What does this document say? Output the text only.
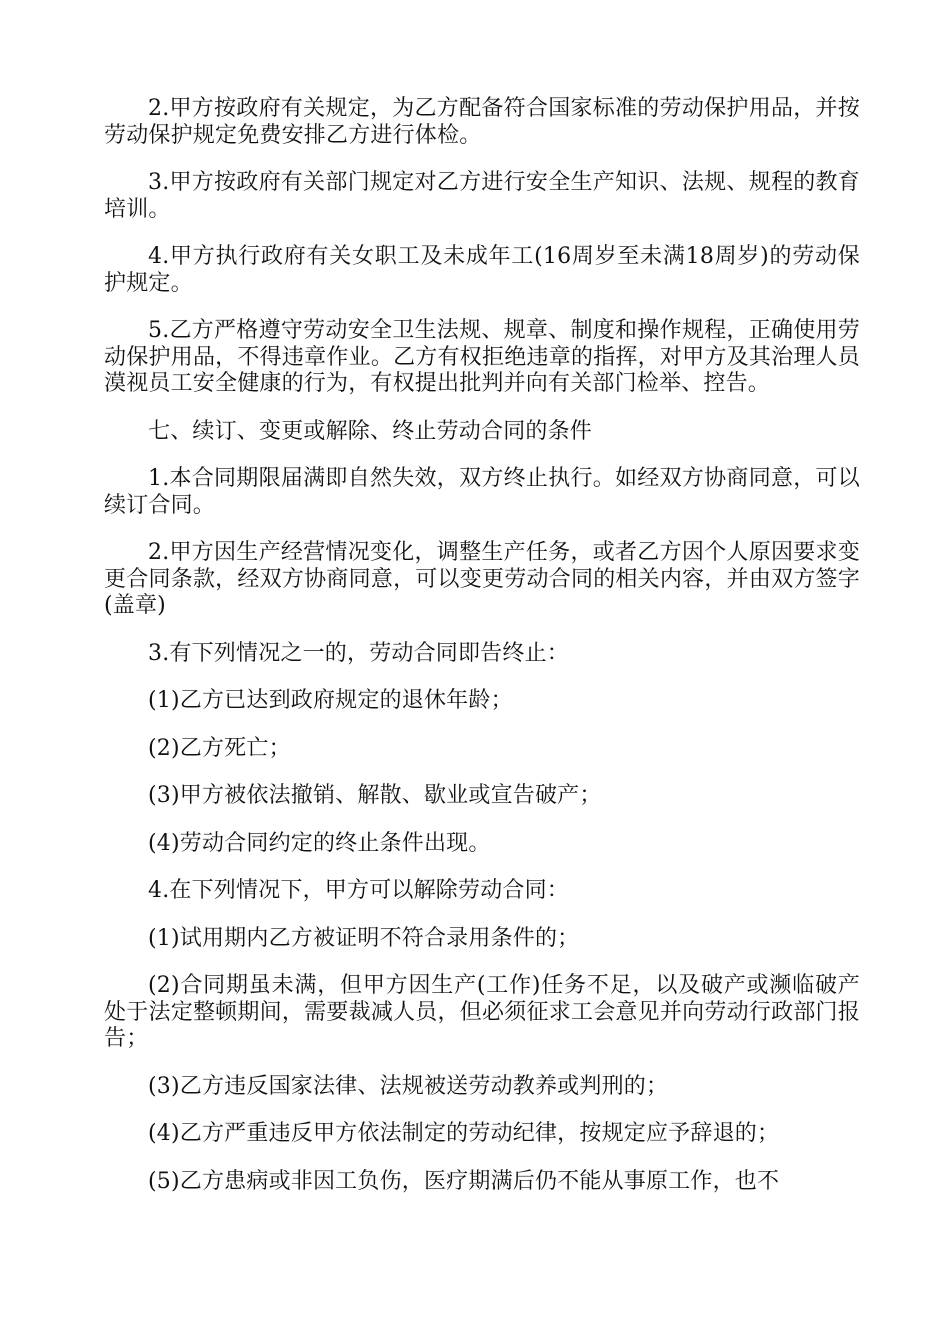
2.甲方按政府有关规定，为乙方配备符合国家标准的劳动保护用品，并按劳动保护规定免费安排乙方进行体检。

3.甲方按政府有关部门规定对乙方进行安全生产知识、法规、规程的教育培训。

4.甲方执行政府有关女职工及未成年工(16周岁至未满18周岁)的劳动保护规定。

5.乙方严格遵守劳动安全卫生法规、规章、制度和操作规程，正确使用劳动保护用品，不得违章作业。乙方有权拒绝违章的指挥，对甲方及其治理人员漠视员工安全健康的行为，有权提出批判并向有关部门检举、控告。

七、续订、变更或解除、终止劳动合同的条件

1.本合同期限届满即自然失效，双方终止执行。如经双方协商同意，可以续订合同。

2.甲方因生产经营情况变化，调整生产任务，或者乙方因个人原因要求变更合同条款，经双方协商同意，可以变更劳动合同的相关内容，并由双方签字(盖章)

3.有下列情况之一的，劳动合同即告终止：

(1)乙方已达到政府规定的退休年龄；

(2)乙方死亡；

(3)甲方被依法撤销、解散、歇业或宣告破产；

(4)劳动合同约定的终止条件出现。

4.在下列情况下，甲方可以解除劳动合同：

(1)试用期内乙方被证明不符合录用条件的；

(2)合同期虽未满，但甲方因生产(工作)任务不足，以及破产或濒临破产处于法定整顿期间，需要裁减人员，但必须征求工会意见并向劳动行政部门报告；

(3)乙方违反国家法律、法规被送劳动教养或判刑的；

(4)乙方严重违反甲方依法制定的劳动纪律，按规定应予辞退的；

(5)乙方患病或非因工负伤，医疗期满后仍不能从事原工作，也不
